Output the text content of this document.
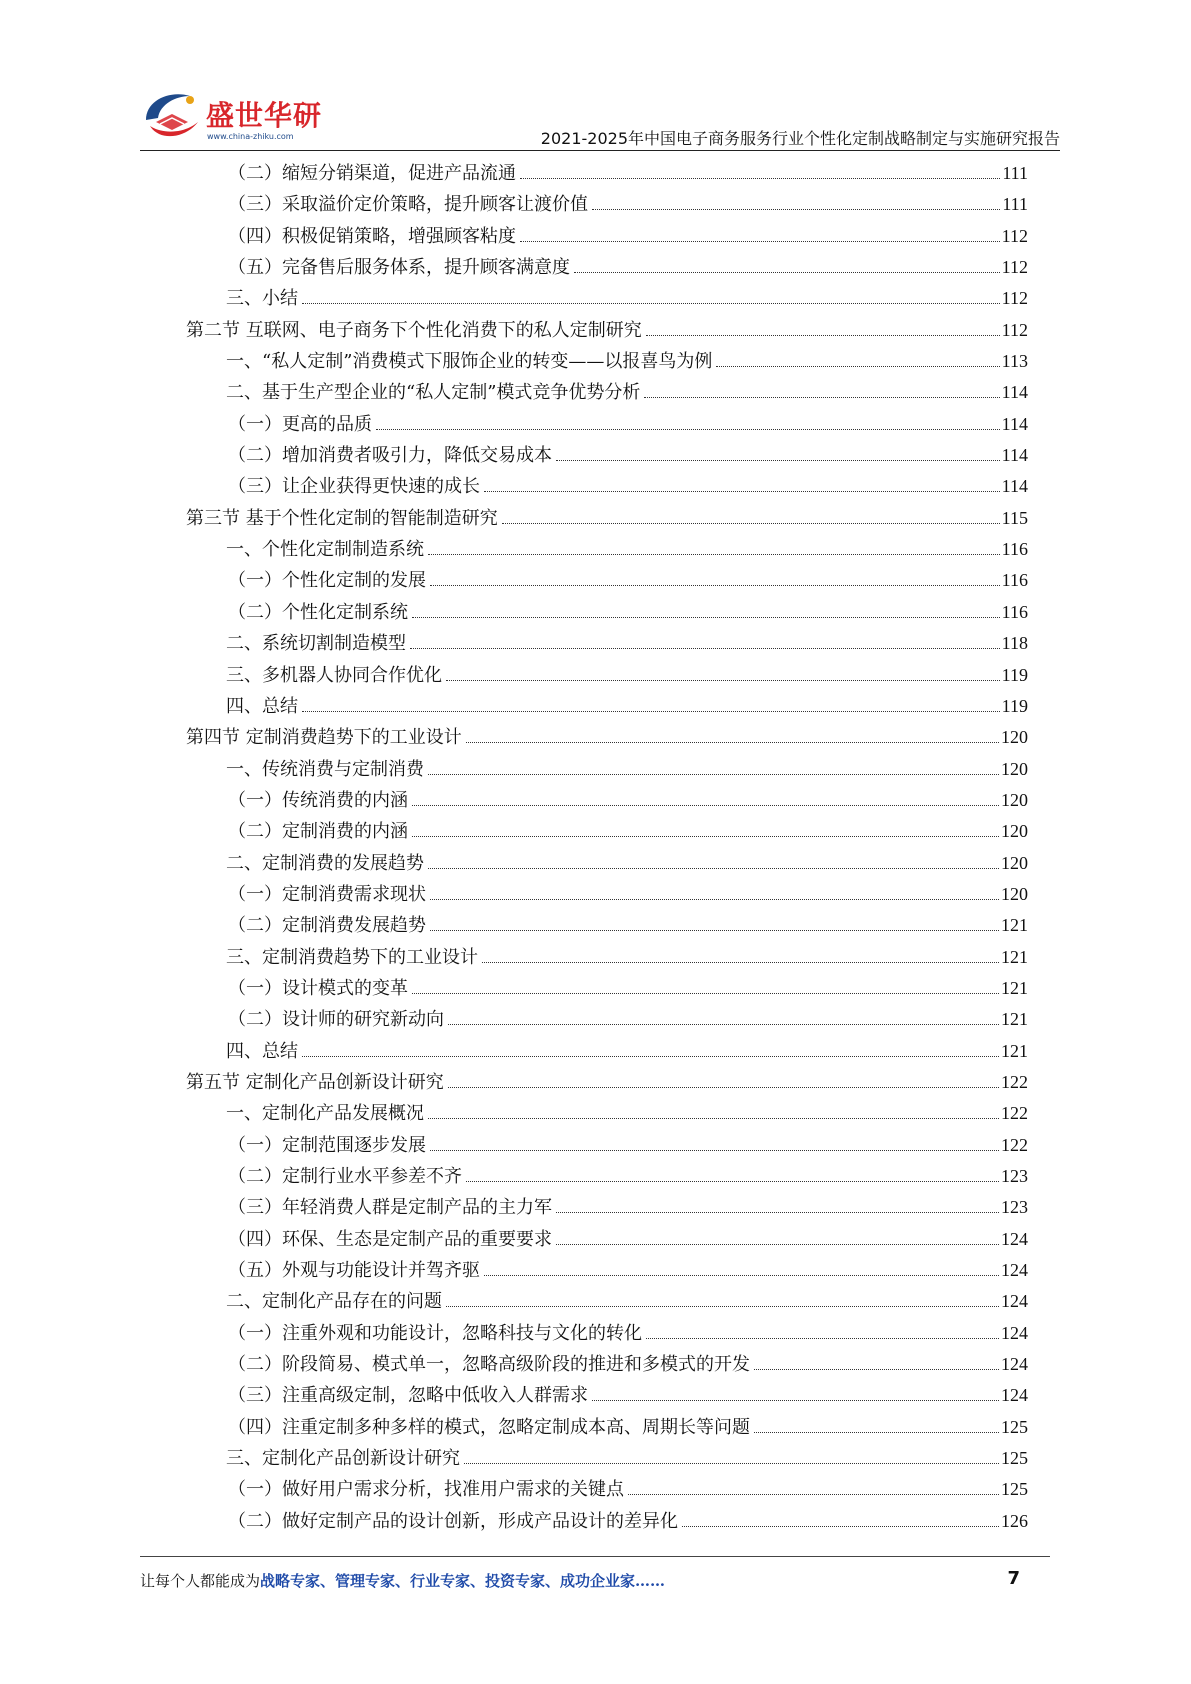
盛世华研
www.china-zhiku.com	2021-2025年中国电子商务服务行业个性化定制战略制定与实施研究报告
（二）缩短分销渠道，促进产品流通	111
（三）采取溢价定价策略，提升顾客让渡价值	111
（四）积极促销策略，增强顾客粘度	112
（五）完备售后服务体系，提升顾客满意度	112
三、小结	112
第二节 互联网、电子商务下个性化消费下的私人定制研究	112
一、“私人定制”消费模式下服饰企业的转变——以报喜鸟为例	113
二、基于生产型企业的“私人定制”模式竞争优势分析	114
（一）更高的品质	114
（二）增加消费者吸引力，降低交易成本	114
（三）让企业获得更快速的成长	114
第三节 基于个性化定制的智能制造研究	115
一、个性化定制制造系统	116
（一）个性化定制的发展	116
（二）个性化定制系统	116
二、系统切割制造模型	118
三、多机器人协同合作优化	119
四、总结	119
第四节 定制消费趋势下的工业设计	120
一、传统消费与定制消费	120
（一）传统消费的内涵	120
（二）定制消费的内涵	120
二、定制消费的发展趋势	120
（一）定制消费需求现状	120
（二）定制消费发展趋势	121
三、定制消费趋势下的工业设计	121
（一）设计模式的变革	121
（二）设计师的研究新动向	121
四、总结	121
第五节 定制化产品创新设计研究	122
一、定制化产品发展概况	122
（一）定制范围逐步发展	122
（二）定制行业水平参差不齐	123
（三）年轻消费人群是定制产品的主力军	123
（四）环保、生态是定制产品的重要要求	124
（五）外观与功能设计并驾齐驱	124
二、定制化产品存在的问题	124
（一）注重外观和功能设计，忽略科技与文化的转化	124
（二）阶段简易、模式单一，忽略高级阶段的推进和多模式的开发	124
（三）注重高级定制，忽略中低收入人群需求	124
（四）注重定制多种多样的模式，忽略定制成本高、周期长等问题	125
三、定制化产品创新设计研究	125
（一）做好用户需求分析，找准用户需求的关键点	125
（二）做好定制产品的设计创新，形成产品设计的差异化	126
让每个人都能成为战略专家、管理专家、行业专家、投资专家、成功企业家……	7
